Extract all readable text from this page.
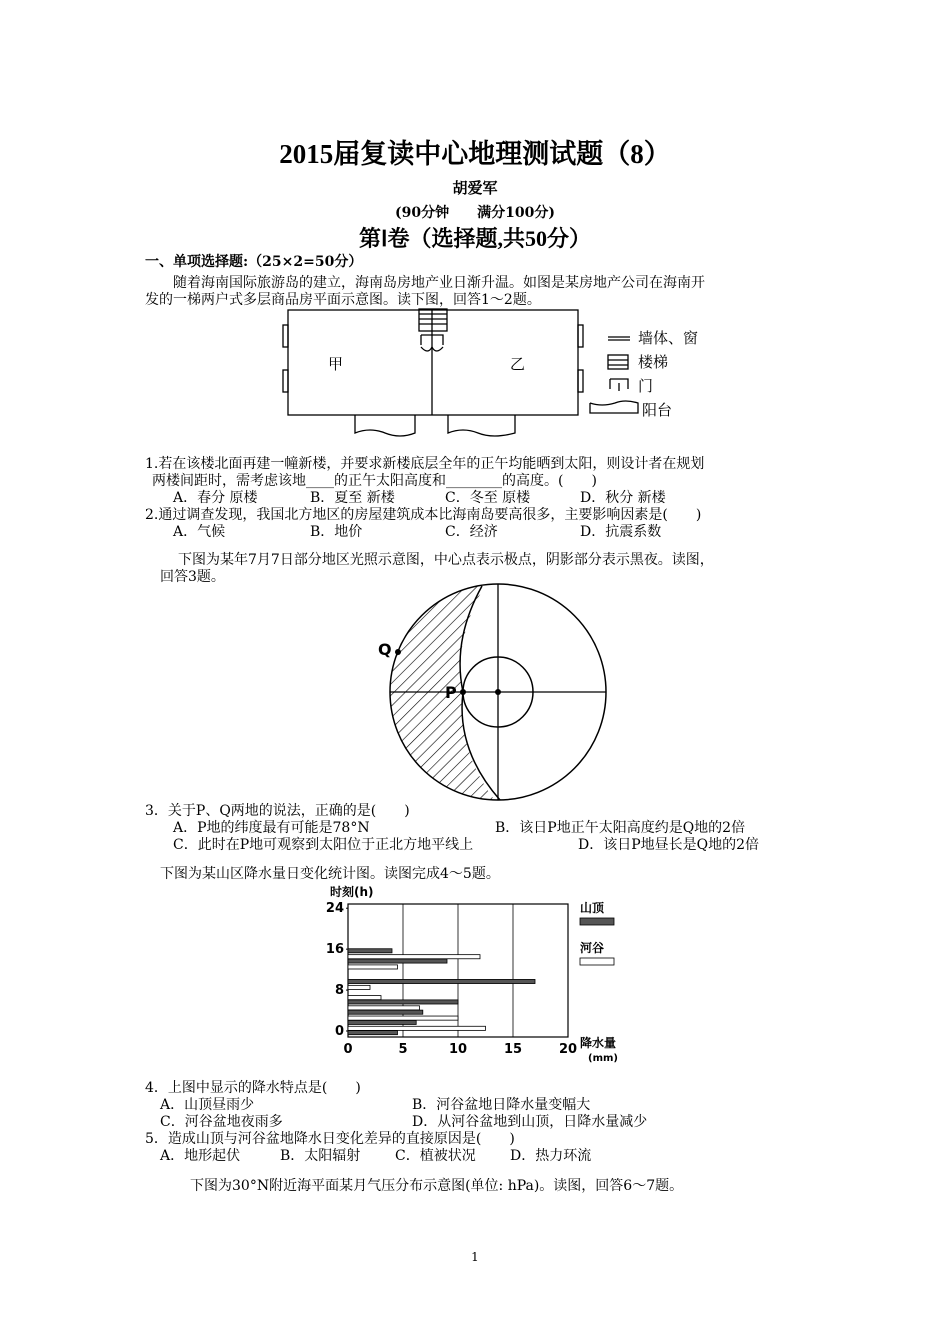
2015届复读中心地理测试题（8）
胡爱军
(90分钟　　满分100分)
第Ⅰ卷（选择题,共50分）
一、单项选择题:（25×2=50分）
随着海南国际旅游岛的建立，海南岛房地产业日渐升温。如图是某房地产公司在海南开
发的一梯两户式多层商品房平面示意图。读下图，回答1～2题。
甲	乙
墙体、窗
楼梯
门
阳台
1.若在该楼北面再建一幢新楼，并要求新楼底层全年的正午均能晒到太阳，则设计者在规划
两楼间距时，需考虑该地____的正午太阳高度和________的高度。(　　)
A．春分 原楼	B．夏至 新楼	C．冬至 原楼	D．秋分 新楼
2.通过调查发现，我国北方地区的房屋建筑成本比海南岛要高很多，主要影响因素是(　　)
A．气候	B．地价	C．经济	D．抗震系数
下图为某年7月7日部分地区光照示意图，中心点表示极点，阴影部分表示黑夜。读图，
回答3题。
Q
P
3．关于P、Q两地的说法，正确的是(　　)
A．P地的纬度最有可能是78°N	B．该日P地正午太阳高度约是Q地的2倍
C．此时在P地可观察到太阳位于正北方地平线上	D．该日P地昼长是Q地的2倍
下图为某山区降水量日变化统计图。读图完成4～5题。
时刻(h)
降水量(mm)
0	5	10	15	20
0
8
16
24	山顶
河谷
4．上图中显示的降水特点是(　　)
A．山顶昼雨少	B．河谷盆地日降水量变幅大
C．河谷盆地夜雨多	D．从河谷盆地到山顶，日降水量减少
5．造成山顶与河谷盆地降水日变化差异的直接原因是(　　)
A．地形起伏	B．太阳辐射 C．植被状况 D．热力环流
下图为30°N附近海平面某月气压分布示意图(单位: hPa)。读图，回答6～7题。
1
